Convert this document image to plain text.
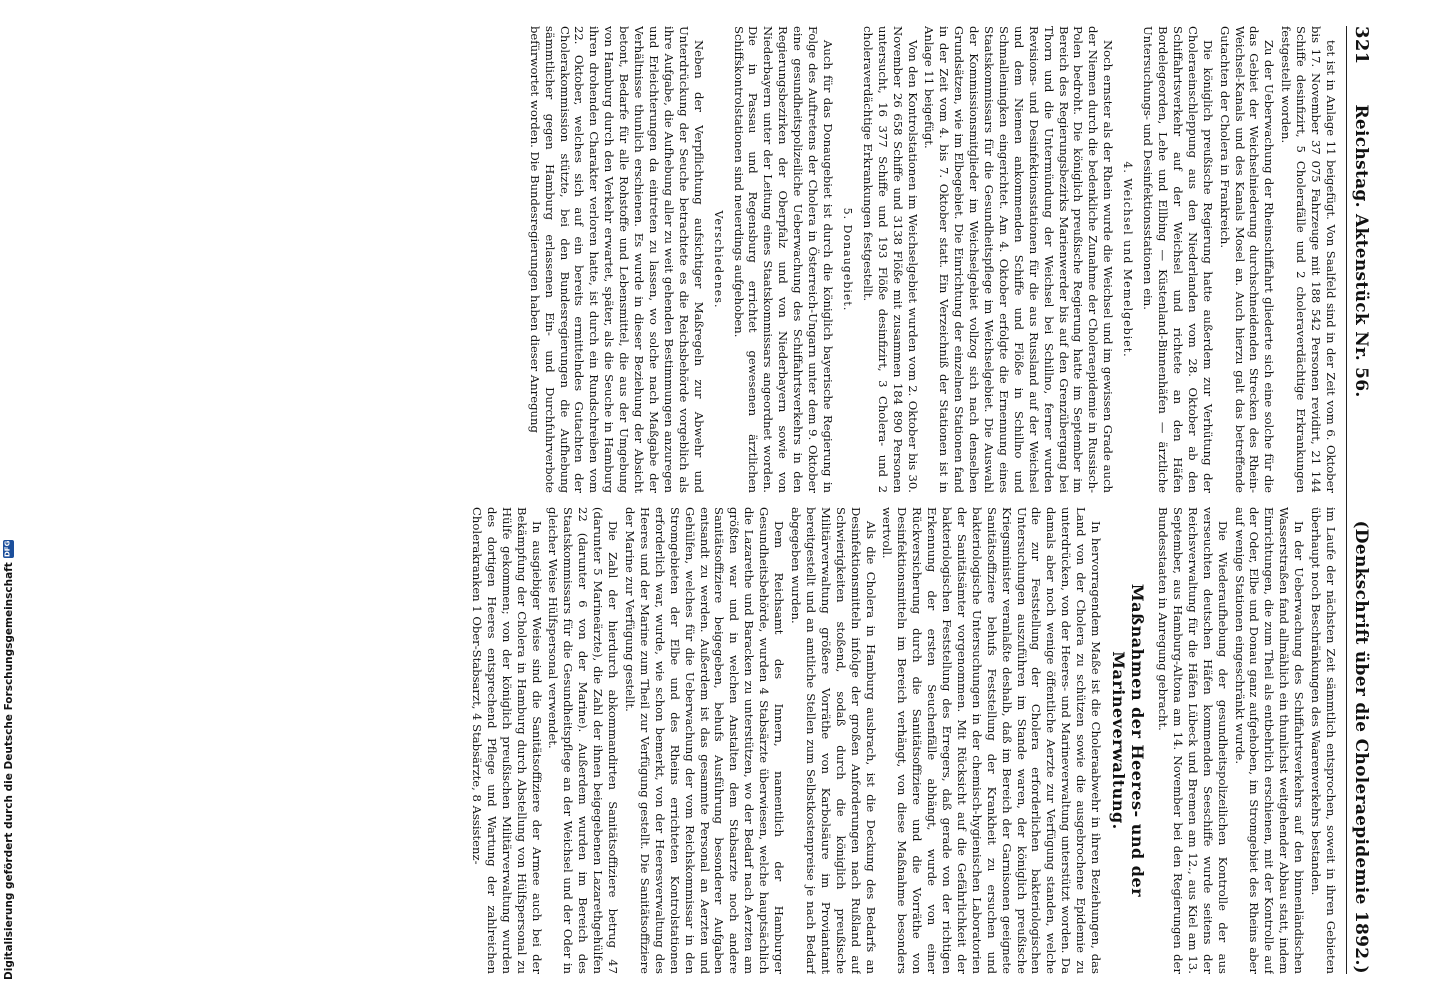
321
Reichstag. Aktenstück Nr. 56.
(Denkschrift über die Choleraepidemie 1892.)

tet ist in Anlage 11 beigefügt. Von Saalfeld sind in der Zeit vom 6. Oktober bis 17. November 37 075 Fahrzeuge mit 188 542 Personen revidirt, 21 144 Schiffe desinfizirt, 5 Cholerafälle und 2 choleraverdächtige Erkrankungen festgestellt worden.

Zu der Ueberwachung der Rheinschiffahrt gliederte sich eine solche für die das Gebiet der Weichselniederung durchschneidenden Strecken des Rhein-Weichsel-Kanals und des Kanals Mosel an. Auch hierzu galt das betreffende Gutachten der Cholera in Frankreich.

Die königlich preußische Regierung hatte außerdem zur Verhütung der Choleraeinschleppung aus den Niederlanden vom 28. Oktober ab den Schiffahrtsverkehr auf der Weichsel und richtete an den Häfen Bordelegeorden, Lehe und Ellbing — Küstenland-Binnenhäfen — ärztliche Untersuchungs- und Desinfektionsstationen ein.

4. Weichsel und Memelgebiet.

Noch ernster als der Rhein wurde die Weichsel und im gewissen Grade auch der Niemen durch die bedenkliche Zunahme der Choleraepidemie in Russisch-Polen bedroht. Die königlich preußische Regierung hatte im September im Bereich des Regierungsbezirks Marienwerder bis auf den Grenzübergang bei Thorn und die Untermündung der Weichsel bei Schillno, ferner wurden Revisions- und Desinfektionsstationen für die aus Russland auf der Weichsel und dem Niemen ankommenden Schiffe und Flöße in Schillno und Schmalleningken eingerichtet. Am 4. Oktober erfolgte die Ernennung eines Staatskommissars für die Gesundheitspflege im Weichselgebiet. Die Auswahl der Kommissionsmitglieder im Weichselgebiet vollzog sich nach denselben Grundsätzen, wie im Elbegebiet. Die Einrichtung der einzelnen Stationen fand in der Zeit vom 4. bis 7. Oktober statt. Ein Verzeichniß der Stationen ist in Anlage 11 beigefügt.

Von den Kontrolstationen im Weichselgebiet wurden vom 2. Oktober bis 30. November 26 658 Schiffe und 3138 Flöße mit zusammen 184 890 Personen untersucht, 16 377 Schiffe und 193 Flöße desinfizirt, 3 Cholera- und 2 choleraverdächtige Erkrankungen festgestellt.

5. Donaugebiet.

Auch für das Donaugebiet ist durch die königlich bayerische Regierung in Folge des Auftretens der Cholera in Österreich-Ungarn unter dem 9. Oktober eine gesundheitspolizeiliche Ueberwachung des Schiffahrtsverkehrs in den Regierungsbezirken der Oberpfalz und von Niederbayern sowie von Niederbayern unter der Leitung eines Staatskommissars angeordnet worden. Die in Passau und Regensburg errichtet gewesenen ärztlichen Schiffskontrolstationen sind neuerdings aufgehoben.

Verschiedenes.

Neben der Verpflichtung aufsichtiger Maßregeln zur Abwehr und Unterdrückung der Seuche betrachtete es die Reichsbehörde vorgeblich als ihre Aufgabe, die Aufhebung aller zu weit gehenden Bestimmungen anzuregen und Erleichterungen da eintreten zu lassen, wo solche nach Maßgabe der Verhältnisse thunlich erschienen. Es wurde in dieser Beziehung der Absicht betont, Bedarfe für alle Rohstoffe und Lebensmittel, die aus der Umgebung von Hamburg durch den Verkehr erwartet, später, als die Seuche in Hamburg ihren drohenden Charakter verloren hatte, ist durch ein Rundschreiben vom 22. Oktober, welches sich auf ein bereits ermittelndes Gutachten der Cholerakommission stützte, bei den Bundesregierungen die Aufhebung sämmtlicher gegen Hamburg erlassenen Ein- und Durchfuhrverbote befürwortet worden. Die Bundesregierungen haben dieser Anregung

im Laufe der nächsten Zeit sämmtlich entsprochen, soweit in ihren Gebieten überhaupt noch Beschränkungen des Waarenverkehrs bestanden.

In der Ueberwachung des Schiffahrtsverkehrs auf den binnenländischen Wasserstraßen fand allmählich ein thunlichst weitgehender Abbau statt, indem Einrichtungen, die zum Theil als entbehrlich erschienen, mit der Kontrolle auf der Oder, Elbe und Donau ganz aufgehoben, im Stromgebiet des Rheins aber auf wenige Stationen eingeschränkt wurde.

Die Wiederaufhebung der gesundheitspolizeilichen Kontrolle der aus verseuchten deutschen Häfen kommenden Seeschiffe wurde seitens der Reichsverwaltung für die Häfen Lübeck und Bremen am 12., aus Kiel am 13. September, aus Hamburg-Altona am 14. November bei den Regierungen der Bundesstaaten in Anregung gebracht.

Maßnahmen der Heeres- und der Marineverwaltung.

In hervorragendem Maße ist die Choleraabwehr in ihren Beziehungen, das Land von der Cholera zu schützen sowie die ausgebrochene Epidemie zu unterdrücken, von der Heeres- und Marineverwaltung unterstützt worden. Da damals aber noch wenige öffentliche Aerzte zur Verfügung standen, welche die zur Feststellung der Cholera erforderlichen bakteriologischen Untersuchungen auszuführen im Stande waren, der königlich preußische Kriegsminister veranlaßte deshalb, daß im Bereich der Garnisonen geeignete Sanitätsoffiziere behufs Feststellung der Krankheit zu ersuchen und bakteriologische Untersuchungen in der chemisch-hygienischen Laboratorien der Sanitätsämter vorgenommen. Mit Rücksicht auf die Gefährlichkeit der bakteriologischen Feststellung des Erregers, daß gerade von der richtigen Erkennung der ersten Seuchenfälle abhängt, wurde von einer Rückversicherung durch die Sanitätsoffiziere und die Vorräthe von Desinfektionsmitteln im Bereich verhängt, von diese Maßnahme besonders wertvoll.

Als die Cholera in Hamburg ausbrach, ist die Deckung des Bedarfs an Desinfektionsmitteln infolge der großen Anforderungen nach Rußland auf Schwierigkeiten stoßend, sodaß durch die königlich preußische Militärverwaltung größere Vorräthe von Karbolsäure im Proviantamt bereitgestellt und an amtliche Stellen zum Selbstkostenpreise je nach Bedarf abgegeben wurden.

Dem Reichsamt des Innern, namentlich der Hamburger Gesundheitsbehörde, wurden 4 Stabsärzte überwiesen, welche hauptsächlich die Lazarethe und Baracken zu unterstützen, wo der Bedarf nach Aerzten am größten war und in welchen Anstalten dem Stabsarzte noch andere Sanitätsoffiziere beigegeben, behufs Ausführung besonderer Aufgaben entsandt zu werden. Außerdem ist das gesammte Personal an Aerzten und Gehülfen, welches für die Ueberwachung der vom Reichskommissar in den Stromgebieten der Elbe und des Rheins errichteten Kontrolstationen erforderlich war, wurde, wie schon bemerkt, von der Heeresverwaltung des Heeres und der Marine zum Theil zur Verfügung gestellt. Die Sanitätsoffiziere der Marine zur Verfügung gestellt.

Die Zahl der hierdurch abkommandirten Sanitätsoffiziere betrug 47 (darunter 5 Marineärzte), die Zahl der ihnen beigegebenen Lazarethgehülfen 22 (darunter 6 von der Marine). Außerdem wurden im Bereich des Staatskommissars für die Gesundheitspflege an der Weichsel und der Oder in gleicher Weise Hülfspersonal verwendet.

In ausgiebiger Weise sind die Sanitätsoffiziere der Armee auch bei der Bekämpfung der Cholera in Hamburg durch Abstellung von Hülfspersonal zu Hülfe gekommen; von der königlich preußischen Militärverwaltung wurden des dortigen Heeres entsprechend Pflege und Wartung der zahlreichen Cholerakranken 1 Ober-Stabsarzt, 4 Stabsärzte, 8 Assistenz-

Digitalisierung gefördert durch die Deutsche Forschungsgemeinschaft
DFG
